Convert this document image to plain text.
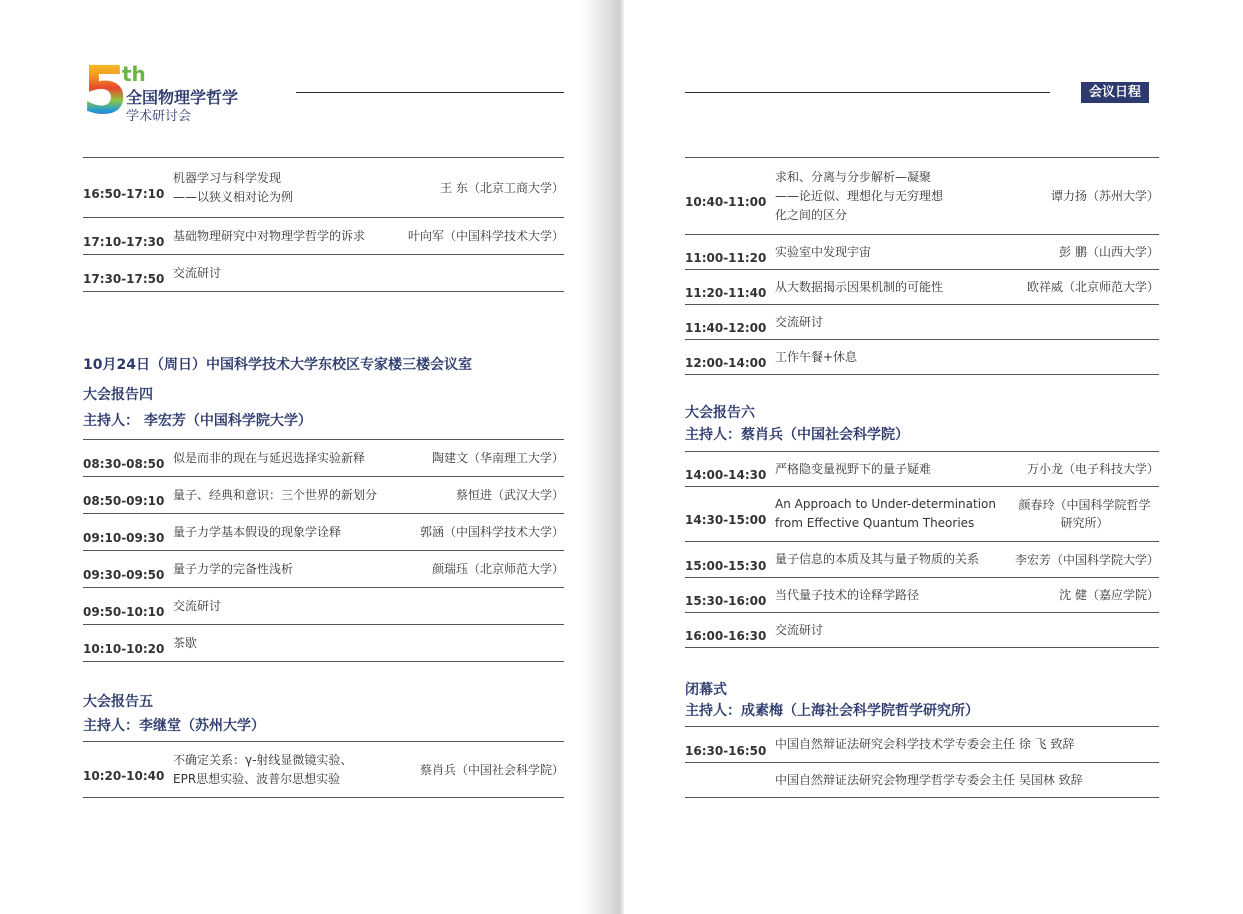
5
th
全国物理学哲学
学术研讨会
16:50-17:10	机器学习与科学发现
——以狭义相对论为例	王 东（北京工商大学）
17:10-17:30	基础物理研究中对物理学哲学的诉求	叶向军（中国科学技术大学）
17:30-17:50	交流研讨	
10月24日（周日）中国科学技术大学东校区专家楼三楼会议室
大会报告四
主持人： 李宏芳（中国科学院大学）
08:30-08:50	似是而非的现在与延迟选择实验新释	陶建文（华南理工大学）
08:50-09:10	量子、经典和意识：三个世界的新划分	蔡恒进（武汉大学）
09:10-09:30	量子力学基本假设的现象学诠释	郭涵（中国科学技术大学）
09:30-09:50	量子力学的完备性浅析	颜瑞珏（北京师范大学）
09:50-10:10	交流研讨	
10:10-10:20	茶歇	
大会报告五
主持人：李继堂（苏州大学）
10:20-10:40	不确定关系：γ-射线显微镜实验、
EPR思想实验、波普尔思想实验	蔡肖兵（中国社会科学院）
会议日程
10:40-11:00	求和、分离与分步解析—凝聚
——论近似、理想化与无穷理想
化之间的区分	谭力扬（苏州大学）
11:00-11:20	实验室中发现宇宙	彭 鹏（山西大学）
11:20-11:40	从大数据揭示因果机制的可能性	欧祥威（北京师范大学）
11:40-12:00	交流研讨	
12:00-14:00	工作午餐+休息	
大会报告六
主持人：蔡肖兵（中国社会科学院）
14:00-14:30	严格隐变量视野下的量子疑难	万小龙（电子科技大学）
14:30-15:00	An Approach to Under-determination
from Effective Quantum Theories	颜春玲（中国科学院哲学
研究所）
15:00-15:30	量子信息的本质及其与量子物质的关系	李宏芳（中国科学院大学）
15:30-16:00	当代量子技术的诠释学路径	沈 健（嘉应学院）
16:00-16:30	交流研讨	
闭幕式
主持人：成素梅（上海社会科学院哲学研究所）
16:30-16:50	中国自然辩证法研究会科学技术学专委会主任 徐 飞 致辞	
	中国自然辩证法研究会物理学哲学专委会主任 吴国林 致辞	
